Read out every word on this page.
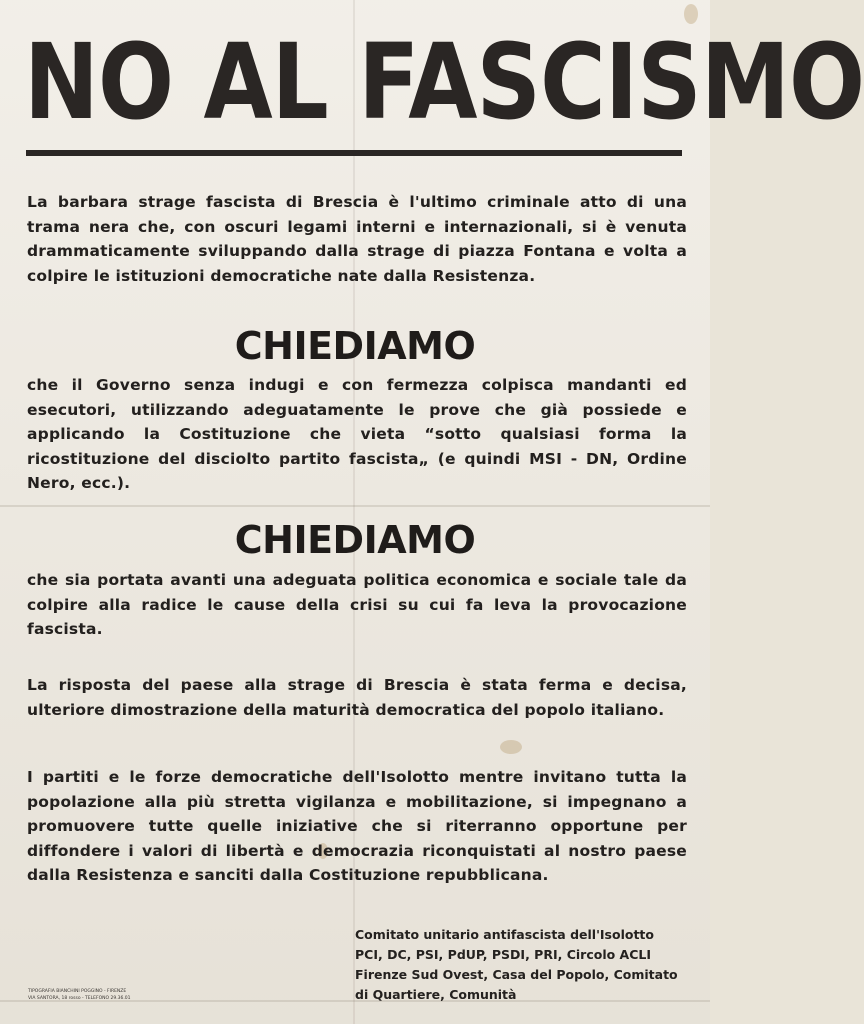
NO AL FASCISMO

La barbara strage fascista di Brescia è l'ultimo criminale atto di una trama nera che, con oscuri legami interni e internazionali, si è venuta drammaticamente sviluppando dalla strage di piazza Fontana e volta a colpire le istituzioni democratiche nate dalla Resistenza.

CHIEDIAMO

che il Governo senza indugi e con fermezza colpisca mandanti ed esecutori, utilizzando adeguatamente le prove che già possiede e applicando la Costituzione che vieta “sotto qualsiasi forma la ricostituzione del disciolto partito fascista„ (e quindi MSI - DN, Ordine Nero, ecc.).

CHIEDIAMO

che sia portata avanti una adeguata politica economica e sociale tale da colpire alla radice le cause della crisi su cui fa leva la provocazione fascista.

La risposta del paese alla strage di Brescia è stata ferma e decisa, ulteriore dimostrazione della maturità democratica del popolo italiano.

I partiti e le forze democratiche dell'Isolotto mentre invitano tutta la popolazione alla più stretta vigilanza e mobilitazione, si impegnano a promuovere tutte quelle iniziative che si riterranno opportune per diffondere i valori di libertà e democrazia riconquistati al nostro paese dalla Resistenza e sanciti dalla Costituzione repubblicana.

TIPOGRAFIA BIANCHINI POGGINO - FIRENZE
VIA SANTORA, 18 rosso - TELEFONO 29.36.01
Comitato unitario antifascista dell'Isolotto
PCI, DC, PSI, PdUP, PSDI, PRI, Circolo ACLI
Firenze Sud Ovest, Casa del Popolo, Comitato
di Quartiere, Comunità
